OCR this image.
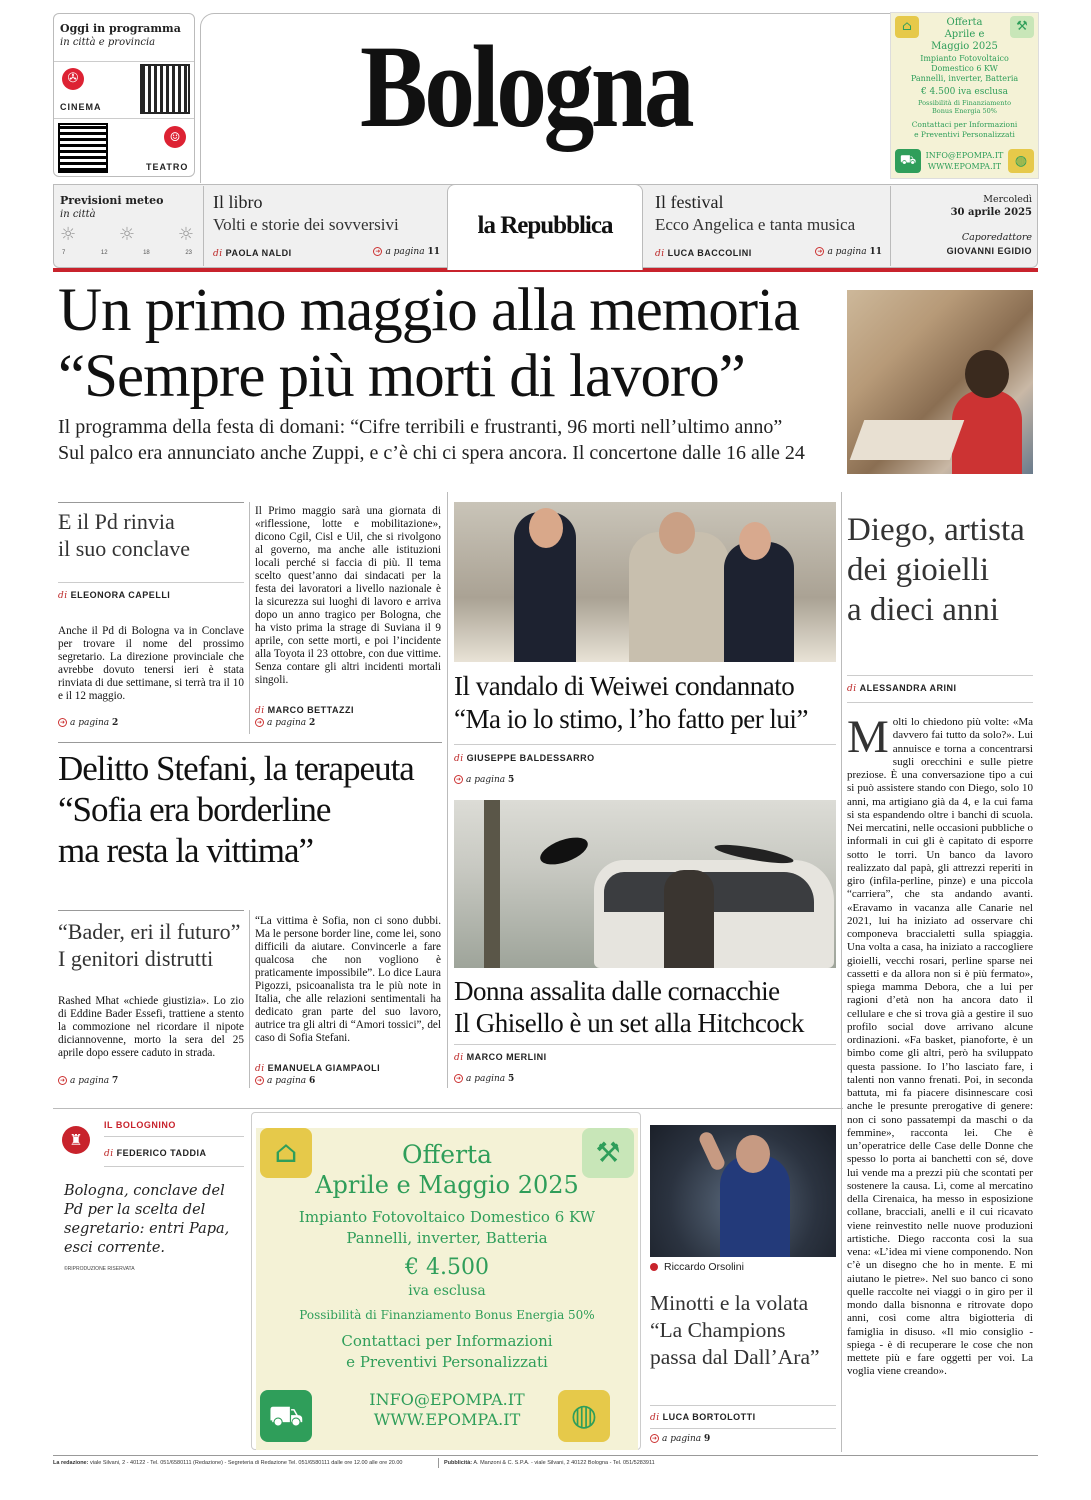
Oggi in programma
in città e provincia
✇
CINEMA
☺
TEATRO
Bologna	⌂	⚒
Offerta
Aprile e
Maggio 2025
Impianto Fotovoltaico
Domestico 6 KW
Pannelli, inverter, Batteria
€ 4.500 iva esclusa
Possibilità di Finanziamento
Bonus Energia 50%
Contattaci per Informazioni
e Preventivi Personalizzati
⛟	◍
INFO@EPOMPA.IT
WWW.EPOMPA.IT
Previsioni meteo
in città
☼ ☼ ☼
7	12	18	23
Il libro
Volti e storie dei sovversivi
di PAOLA NALDI	➜ a pagina 11
la Repubblica
Il festival
Ecco Angelica e tanta musica
di LUCA BACCOLINI	➜ a pagina 11
Mercoledì
30 aprile 2025
Caporedattore
GIOVANNI EGIDIO
Un primo maggio alla memoria
“Sempre più morti di lavoro”
Il programma della festa di domani: “Cifre terribili e frustranti, 96 morti nell’ultimo anno”
Sul palco era annunciato anche Zuppi, e c’è chi ci spera ancora. Il concertone dalle 16 alle 24
E il Pd rinvia
il suo conclave
di ELEONORA CAPELLI
Anche il Pd di Bologna va in Conclave per trovare il nome del prossimo segretario. La direzione provinciale che avrebbe dovuto tenersi ieri è stata rinviata di due settimane, si terrà tra il 10 e il 12 maggio.
➜ a pagina 2
Il Primo maggio sarà una giornata di «riflessione, lotte e mobilitazione», dicono Cgil, Cisl e Uil, che si rivolgono al governo, ma anche alle istituzioni locali perché si faccia di più. Il tema scelto quest’anno dai sindacati per la festa dei lavoratori a livello nazionale è la sicurezza sui luoghi di lavoro e arriva dopo un anno tragico per Bologna, che ha visto prima la strage di Suviana il 9 aprile, con sette morti, e poi l’incidente alla Toyota il 23 ottobre, con due vittime. Senza contare gli altri incidenti mortali singoli.
di MARCO BETTAZZI
➜ a pagina 2
Delitto Stefani, la terapeuta
“Sofia era borderline
ma resta la vittima”
“Bader, eri il futuro”
I genitori distrutti
Rashed Mhat «chiede giustizia». Lo zio di Eddine Bader Essefi, trattiene a stento la commozione nel ricordare il nipote diciannovenne, morto la sera del 25 aprile dopo essere caduto in strada.
➜ a pagina 7
“La vittima è Sofia, non ci sono dubbi. Ma le persone border line, come lei, sono difficili da aiutare. Convincerle a fare qualcosa che non vogliono è praticamente impossibile”. Lo dice Laura Pigozzi, psicoanalista tra le più note in Italia, che alle relazioni sentimentali ha dedicato gran parte del suo lavoro, autrice tra gli altri di “Amori tossici”, del caso di Sofia Stefani.
di EMANUELA GIAMPAOLI
➜ a pagina 6
Il vandalo di Weiwei condannato
“Ma io lo stimo, l’ho fatto per lui”
di GIUSEPPE BALDESSARRO
➜ a pagina 5
Donna assalita dalle cornacchie
Il Ghisello è un set alla Hitchcock
di MARCO MERLINI
➜ a pagina 5
Diego, artista
dei gioielli
a dieci anni
di ALESSANDRA ARINI
M olti lo chiedono più volte: «Ma davvero fai tutto da solo?». Lui annuisce e torna a concentrarsi sugli orecchini e sulle pietre preziose. È una conversazione tipo a cui si può assistere stando con Diego, solo 10 anni, ma artigiano già da 4, e la cui fama si sta espandendo oltre i banchi di scuola. Nei mercatini, nelle occasioni pubbliche o informali in cui gli è capitato di esporre sotto le torri. Un banco da lavoro realizzato dal papà, gli attrezzi reperiti in giro (infila-perline, pinze) e una piccola “carriera”, che sta andando avanti. «Eravamo in vacanza alle Canarie nel 2021, lui ha iniziato ad osservare chi componeva braccialetti sulla spiaggia. Una volta a casa, ha iniziato a raccogliere gioielli, vecchi rosari, perline sparse nei cassetti e da allora non si è più fermato», spiega mamma Debora, che a lui per ragioni d’età non ha ancora dato il cellulare e che si trova già a gestire il suo profilo social dove arrivano alcune ordinazioni. «Fa basket, pianoforte, è un bimbo come gli altri, però ha sviluppato questa passione. Io l’ho lasciato fare, i talenti non vanno frenati. Poi, in seconda battuta, mi fa piacere disinnescare così anche le presunte prerogative di genere: non ci sono passatempi da maschi o da femmine», racconta lei. Che è un’operatrice delle Case delle Donne che spesso lo porta ai banchetti con sé, dove lui vende ma a prezzi più che scontati per sostenere la causa. Lì, come al mercatino della Cirenaica, ha messo in esposizione collane, bracciali, anelli e il cui ricavato viene reinvestito nelle nuove produzioni artistiche. Diego racconta così la sua vena: «L’idea mi viene componendo. Non c’è un disegno che ho in mente. E mi aiutano le pietre». Nel suo banco ci sono quelle raccolte nei viaggi o in giro per il mondo dalla bisnonna e ritrovate dopo anni, così come altra bigiotteria di famiglia in disuso. «Il mio consiglio - spiega - è di recuperare le cose che non mettete più e fare oggetti per voi. La voglia viene creando».
♜
IL BOLOGNINO
di FEDERICO TADDIA
Bologna, conclave del
Pd per la scelta del
segretario: entri Papa,
esci corrente.
©RIPRODUZIONE RISERVATA
⌂	⚒
Offerta
Aprile e Maggio 2025
Impianto Fotovoltaico Domestico 6 KW
Pannelli, inverter, Batteria
€ 4.500
iva esclusa
Possibilità di Finanziamento Bonus Energia 50%
Contattaci per Informazioni
e Preventivi Personalizzati
⛟	◍
INFO@EPOMPA.IT
WWW.EPOMPA.IT
Riccardo Orsolini
Minotti e la volata
“La Champions
passa dal Dall’Ara”
di LUCA BORTOLOTTI
➜ a pagina 9
La redazione: viale Silvani, 2 - 40122 - Tel. 051/6580111 (Redazione) - Segreteria di Redazione Tel. 051/6580111 dalle ore 12.00 alle ore 20.00	Pubblicità: A. Manzoni & C. S.P.A. - viale Silvani, 2 40122 Bologna - Tel. 051/5283911
